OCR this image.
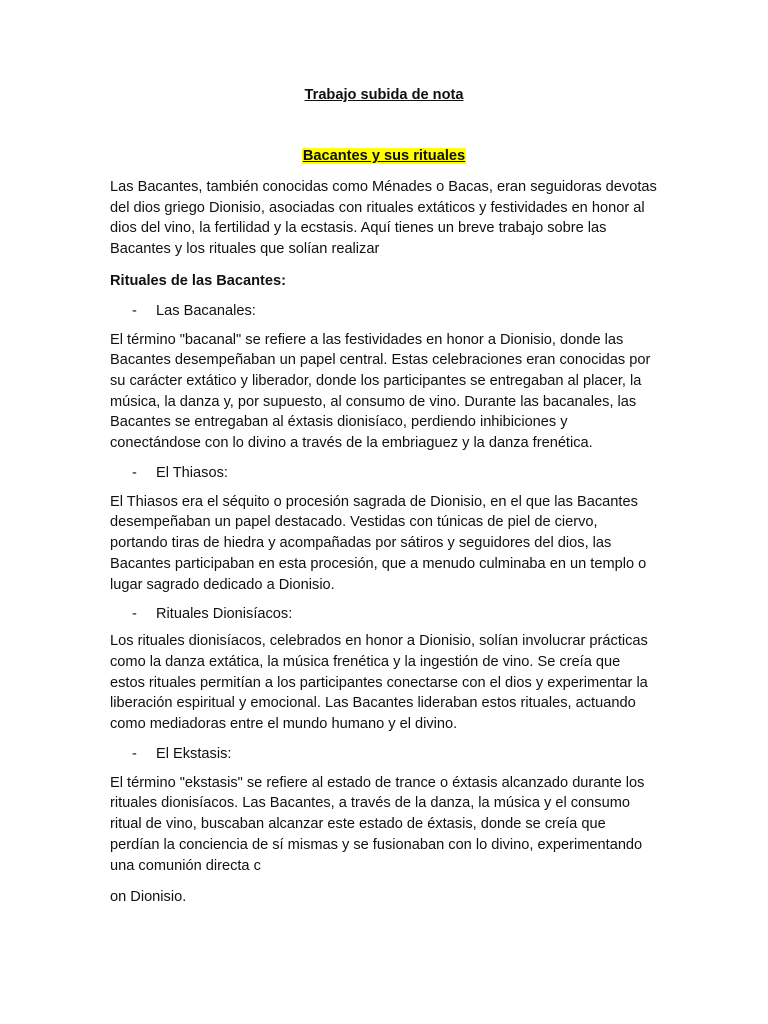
Trabajo subida de nota

Bacantes y sus rituales

Las Bacantes, también conocidas como Ménades o Bacas, eran seguidoras devotas del dios griego Dionisio, asociadas con rituales extáticos y festividades en honor al dios del vino, la fertilidad y la ecstasis. Aquí tienes un breve trabajo sobre las Bacantes y los rituales que solían realizar

Rituales de las Bacantes:

-	Las Bacanales:

El término "bacanal" se refiere a las festividades en honor a Dionisio, donde las Bacantes desempeñaban un papel central. Estas celebraciones eran conocidas por su carácter extático y liberador, donde los participantes se entregaban al placer, la música, la danza y, por supuesto, al consumo de vino. Durante las bacanales, las Bacantes se entregaban al éxtasis dionisíaco, perdiendo inhibiciones y conectándose con lo divino a través de la embriaguez y la danza frenética.

-	El Thiasos:

El Thiasos era el séquito o procesión sagrada de Dionisio, en el que las Bacantes desempeñaban un papel destacado. Vestidas con túnicas de piel de ciervo, portando tiras de hiedra y acompañadas por sátiros y seguidores del dios, las Bacantes participaban en esta procesión, que a menudo culminaba en un templo o lugar sagrado dedicado a Dionisio.

-	Rituales Dionisíacos:

Los rituales dionisíacos, celebrados en honor a Dionisio, solían involucrar prácticas como la danza extática, la música frenética y la ingestión de vino. Se creía que estos rituales permitían a los participantes conectarse con el dios y experimentar la liberación espiritual y emocional. Las Bacantes lideraban estos rituales, actuando como mediadoras entre el mundo humano y el divino.

-	El Ekstasis:

El término "ekstasis" se refiere al estado de trance o éxtasis alcanzado durante los rituales dionisíacos. Las Bacantes, a través de la danza, la música y el consumo ritual de vino, buscaban alcanzar este estado de éxtasis, donde se creía que perdían la conciencia de sí mismas y se fusionaban con lo divino, experimentando una comunión directa c

on Dionisio.
